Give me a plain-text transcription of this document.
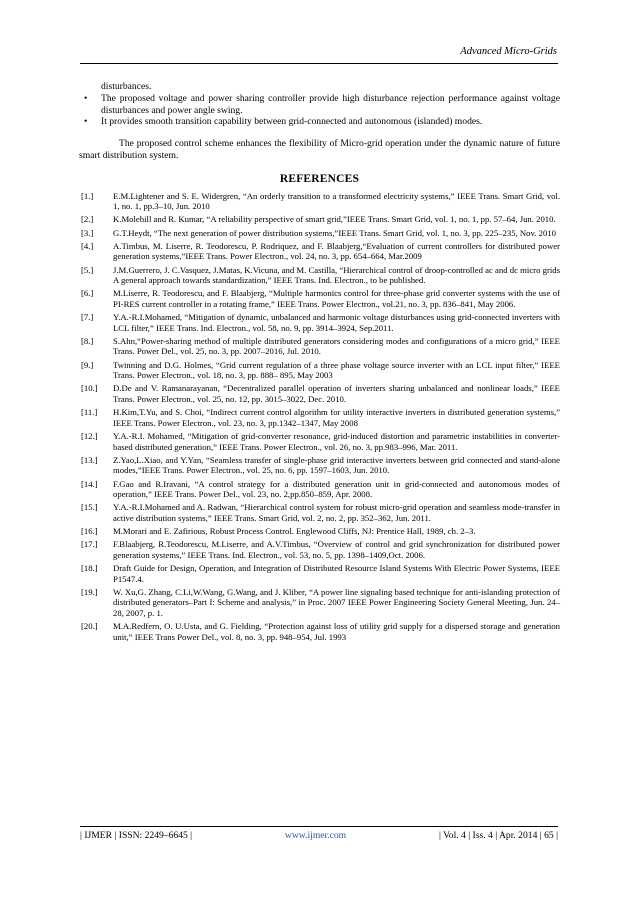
Advanced Micro-Grids

disturbances.

• The proposed voltage and power sharing controller provide high disturbance rejection performance against voltage disturbances and power angle swing.
• It provides smooth transition capability between grid-connected and autonomous (islanded) modes.

The proposed control scheme enhances the flexibility of Micro-grid operation under the dynamic nature of future smart distribution system.

REFERENCES
[1.] E.M.Lightener and S. E. Widergren, “An orderly transition to a transformed electricity systems,” IEEE Trans. Smart Grid, vol. 1, no. 1, pp.3–10, Jun. 2010
[2.] K.Molehill and R. Kumar, “A reliability perspective of smart grid,”IEEE Trans. Smart Grid, vol. 1, no. 1, pp. 57–64, Jun. 2010.
[3.] G.T.Heydt, “The next generation of power distribution systems,”IEEE Trans. Smart Grid, vol. 1, no. 3, pp. 225–235, Nov. 2010
[4.] A.Timbus, M. Liserre, R. Teodorescu, P. Rodriquez, and F. Blaabjerg,“Evaluation of current controllers for distributed power generation systems,”IEEE Trans. Power Electron., vol. 24, no. 3, pp. 654–664, Mar.2009
[5.] J.M.Guerrero, J. C.Vasquez, J.Matas, K.Vicuna, and M. Castilla, “Hierarchical control of droop-controlled ac and dc micro grids A general approach towards standardization,” IEEE Trans. Ind. Electron., to be published.
[6.] M.Liserre, R. Teodorescu, and F. Blaabjerg, “Multiple harmonics control for three-phase grid converter systems with the use of PI-RES current controller in a rotating frame,” IEEE Trans. Power Electron., vol.21, no. 3, pp. 836–841, May 2006.
[7.] Y.A.-R.I.Mohamed, “Mitigation of dynamic, unbalanced and harmonic voltage disturbances using grid-connected inverters with LCL filter,” IEEE Trans. Ind. Electron., vol. 58, no. 9, pp. 3914–3924, Sep.2011.
[8.] S.Ahn,“Power-sharing method of multiple distributed generators considering modes and configurations of a micro grid,” IEEE Trans. Power Del., vol. 25, no. 3, pp. 2007–2016, Jul. 2010.
[9.] Twinning and D.G. Holmes, “Grid current regulation of a three phase voltage source inverter with an LCL input filter,” IEEE Trans. Power Electron., vol. 18, no. 3, pp. 888– 895, May 2003
[10.] D.De and V. Ramanarayanan, “Decentralized parallel operation of inverters sharing unbalanced and nonlinear loads,” IEEE Trans. Power Electron., vol. 25, no. 12, pp. 3015–3022, Dec. 2010.
[11.] H.Kim,T.Yu, and S. Choi, “Indirect current control algorithm for utility interactive inverters in distributed generation systems,” IEEE Trans. Power Electron., vol. 23, no. 3, pp.1342–1347, May 2008
[12.] Y.A.-R.I. Mohamed, “Mitigation of grid-converter resonance, grid-induced distortion and parametric instabilities in converter-based distributed generation,” IEEE Trans. Power Electron., vol. 26, no. 3, pp.983–996, Mar. 2011.
[13.] Z.Yao,L.Xiao, and Y.Yan, “Seamless transfer of single-phase grid interactive inverters between grid connected and stand-alone modes,”IEEE Trans. Power Electron., vol. 25, no. 6, pp. 1597–1603, Jun. 2010.
[14.] F.Gao and R.Iravani, “A control strategy for a distributed generation unit in grid-connected and autonomous modes of operation,” IEEE Trans. Power Del., vol. 23, no. 2,pp.850–859, Apr. 2008.
[15.] Y.A.-R.I.Mohamed and A. Radwan, “Hierarchical control system for robust micro-grid operation and seamless mode-transfer in active distribution systems,” IEEE Trans. Smart Grid, vol. 2, no. 2, pp. 352–362, Jun. 2011.
[16.] M.Morari and E. Zafirious, Robust Process Control. Englewood Cliffs, NJ: Prentice Hall, 1989, ch. 2–3.
[17.] F.Blaabjerg, R.Teodorescu, M.Liserre, and A.V.Timbus, “Overview of control and grid synchronization for distributed power generation systems,” IEEE Trans. Ind. Electron., vol. 53, no. 5, pp. 1398–1409,Oct. 2006.
[18.] Draft Guide for Design, Operation, and Integration of Distributed Resource Island Systems With Electric Power Systems, IEEE P1547.4.
[19.] W. Xu,G. Zhang, C.Li,W.Wang, G.Wang, and J. Kliber, “A power line signaling based technique for anti-islanding protection of distributed generators–Part I: Scheme and analysis,” in Proc. 2007 IEEE Power Engineering Society General Meeting, Jun. 24–28, 2007, p. 1.
[20.] M.A.Redfern, O. U.Usta, and G. Fielding, “Protection against loss of utility grid supply for a dispersed storage and generation unit,” IEEE Trans Power Del., vol. 8, no. 3, pp. 948–954, Jul. 1993
| IJMER | ISSN: 2249–6645 |	www.ijmer.com	| Vol. 4 | Iss. 4 | Apr. 2014 | 65 |
